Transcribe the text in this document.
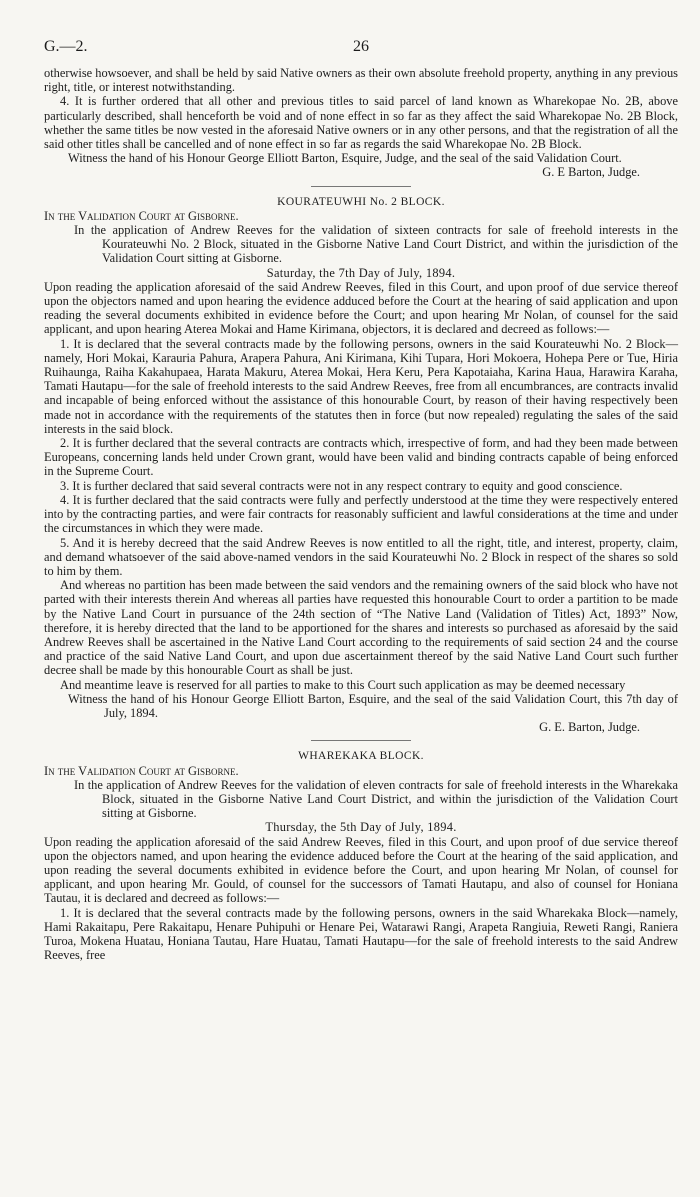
G.—2.	26

otherwise howsoever, and shall be held by said Native owners as their own absolute freehold property, anything in any previous right, title, or interest notwithstanding.

4. It is further ordered that all other and previous titles to said parcel of land known as Wharekopae No. 2B, above particularly described, shall henceforth be void and of none effect in so far as they affect the said Wharekopae No. 2B Block, whether the same titles be now vested in the aforesaid Native owners or in any other persons, and that the registration of all the said other titles shall be cancelled and of none effect in so far as regards the said Wharekopae No. 2B Block.

Witness the hand of his Honour George Elliott Barton, Esquire, Judge, and the seal of the said Validation Court.

G. E Barton, Judge.

KOURATEUWHI No. 2 BLOCK.

In the Validation Court at Gisborne.

In the application of Andrew Reeves for the validation of sixteen contracts for sale of freehold interests in the Kourateuwhi No. 2 Block, situated in the Gisborne Native Land Court District, and within the jurisdiction of the Validation Court sitting at Gisborne.

Saturday, the 7th Day of July, 1894.

Upon reading the application aforesaid of the said Andrew Reeves, filed in this Court, and upon proof of due service thereof upon the objectors named and upon hearing the evidence adduced before the Court at the hearing of said application and upon reading the several documents exhibited in evidence before the Court; and upon hearing Mr Nolan, of counsel for the said applicant, and upon hearing Aterea Mokai and Hame Kirimana, objectors, it is declared and decreed as follows:—

1. It is declared that the several contracts made by the following persons, owners in the said Kourateuwhi No. 2 Block—namely, Hori Mokai, Karauria Pahura, Arapera Pahura, Ani Kirimana, Kihi Tupara, Hori Mokoera, Hohepa Pere or Tue, Hiria Ruihaunga, Raiha Kakahupaea, Harata Makuru, Aterea Mokai, Hera Keru, Pera Kapotaiaha, Karina Haua, Harawira Karaha, Tamati Hautapu—for the sale of freehold interests to the said Andrew Reeves, free from all encumbrances, are contracts invalid and incapable of being enforced without the assistance of this honourable Court, by reason of their having respectively been made not in accordance with the requirements of the statutes then in force (but now repealed) regulating the sales of the said interests in the said block.

2. It is further declared that the several contracts are contracts which, irrespective of form, and had they been made between Europeans, concerning lands held under Crown grant, would have been valid and binding contracts capable of being enforced in the Supreme Court.

3. It is further declared that said several contracts were not in any respect contrary to equity and good conscience.

4. It is further declared that the said contracts were fully and perfectly understood at the time they were respectively entered into by the contracting parties, and were fair contracts for reasonably sufficient and lawful considerations at the time and under the circumstances in which they were made.

5. And it is hereby decreed that the said Andrew Reeves is now entitled to all the right, title, and interest, property, claim, and demand whatsoever of the said above-named vendors in the said Kourateuwhi No. 2 Block in respect of the shares so sold to him by them.

And whereas no partition has been made between the said vendors and the remaining owners of the said block who have not parted with their interests therein And whereas all parties have requested this honourable Court to order a partition to be made by the Native Land Court in pursuance of the 24th section of “The Native Land (Validation of Titles) Act, 1893” Now, therefore, it is hereby directed that the land to be apportioned for the shares and interests so purchased as aforesaid by the said Andrew Reeves shall be ascertained in the Native Land Court according to the requirements of said section 24 and the course and practice of the said Native Land Court, and upon due ascertainment thereof by the said Native Land Court such further decree shall be made by this honourable Court as shall be just.

And meantime leave is reserved for all parties to make to this Court such application as may be deemed necessary

Witness the hand of his Honour George Elliott Barton, Esquire, and the seal of the said Validation Court, this 7th day of July, 1894.

G. E. Barton, Judge.

WHAREKAKA BLOCK.

In the Validation Court at Gisborne.

In the application of Andrew Reeves for the validation of eleven contracts for sale of freehold interests in the Wharekaka Block, situated in the Gisborne Native Land Court District, and within the jurisdiction of the Validation Court sitting at Gisborne.

Thursday, the 5th Day of July, 1894.

Upon reading the application aforesaid of the said Andrew Reeves, filed in this Court, and upon proof of due service thereof upon the objectors named, and upon hearing the evidence adduced before the Court at the hearing of the said application, and upon reading the several documents exhibited in evidence before the Court, and upon hearing Mr Nolan, of counsel for applicant, and upon hearing Mr. Gould, of counsel for the successors of Tamati Hautapu, and also of counsel for Honiana Tautau, it is declared and decreed as follows:—

1. It is declared that the several contracts made by the following persons, owners in the said Wharekaka Block—namely, Hami Rakaitapu, Pere Rakaitapu, Henare Puhipuhi or Henare Pei, Watarawi Rangi, Arapeta Rangiuia, Reweti Rangi, Raniera Turoa, Mokena Huatau, Honiana Tautau, Hare Huatau, Tamati Hautapu—for the sale of freehold interests to the said Andrew Reeves, free
